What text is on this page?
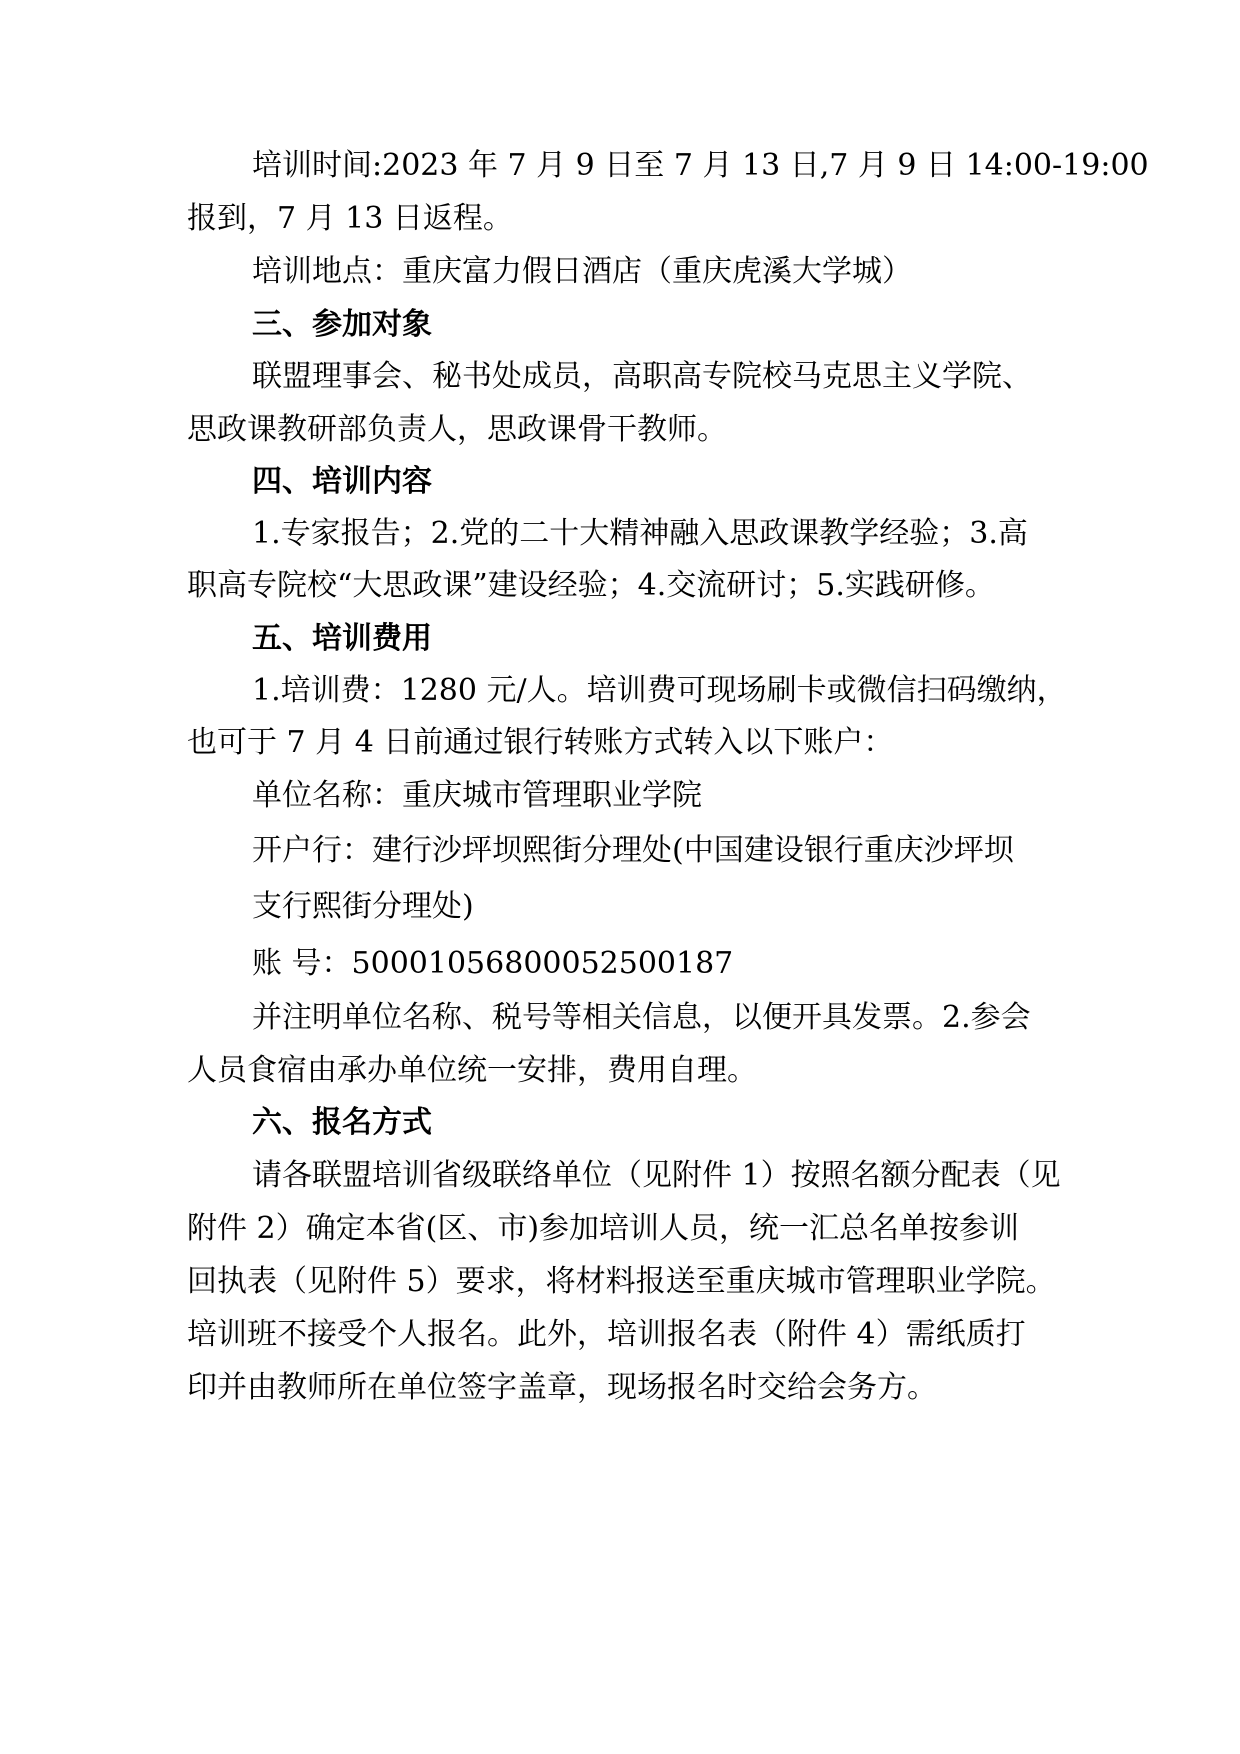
培训时间:2023 年 7 月 9 日至 7 月 13 日,7 月 9 日 14:00-19:00
报到，7 月 13 日返程。
培训地点：重庆富力假日酒店（重庆虎溪大学城）
三、参加对象
联盟理事会、秘书处成员，高职高专院校马克思主义学院、
思政课教研部负责人，思政课骨干教师。
四、培训内容
1.专家报告；2.党的二十大精神融入思政课教学经验；3.高
职高专院校“大思政课”建设经验；4.交流研讨；5.实践研修。
五、培训费用
1.培训费：1280 元/人。培训费可现场刷卡或微信扫码缴纳，
也可于 7 月 4 日前通过银行转账方式转入以下账户：
单位名称：重庆城市管理职业学院
开户行：建行沙坪坝熙街分理处(中国建设银行重庆沙坪坝
支行熙街分理处)
账 号：50001056800052500187
并注明单位名称、税号等相关信息，以便开具发票。2.参会
人员食宿由承办单位统一安排，费用自理。
六、报名方式
请各联盟培训省级联络单位（见附件 1）按照名额分配表（见
附件 2）确定本省(区、市)参加培训人员，统一汇总名单按参训
回执表（见附件 5）要求，将材料报送至重庆城市管理职业学院。
培训班不接受个人报名。此外，培训报名表（附件 4）需纸质打
印并由教师所在单位签字盖章，现场报名时交给会务方。
